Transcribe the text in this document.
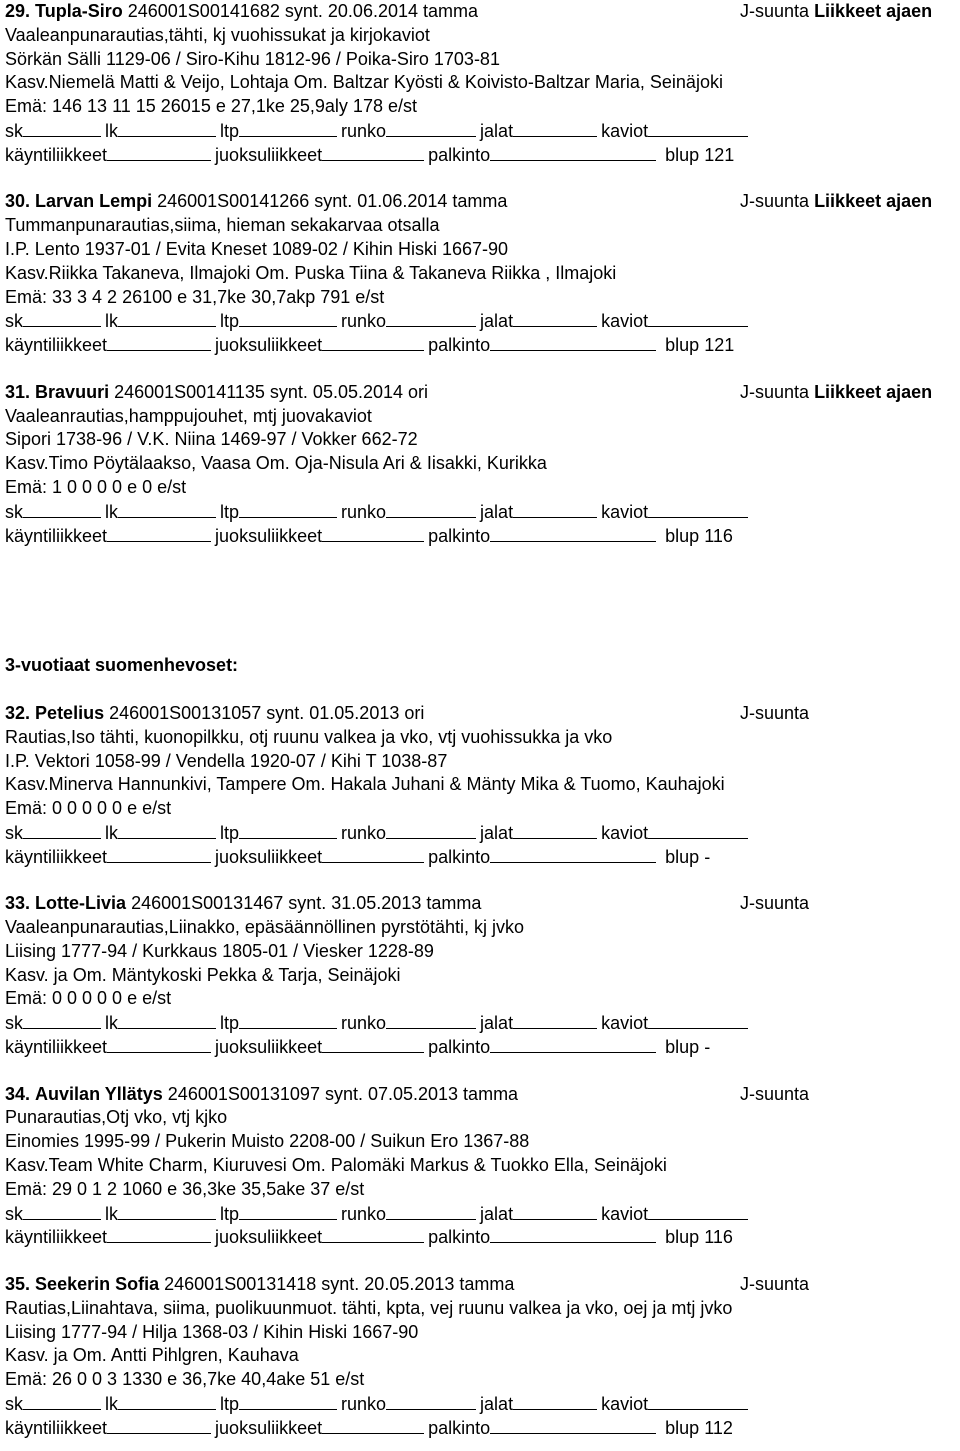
29. Tupla-Siro 246001S00141682 synt. 20.06.2014 tamma	J-suunta Liikkeet ajaen
Vaaleanpunarautias,tähti, kj vuohissukat ja kirjokaviot
Sörkän Sälli 1129-06 / Siro-Kihu 1812-96 / Poika-Siro 1703-81
Kasv.Niemelä Matti & Veijo, Lohtaja Om. Baltzar Kyösti & Koivisto-Baltzar Maria, Seinäjoki
Emä: 146 13 11 15 26015 e 27,1ke 25,9aly 178 e/st
sk	lk	ltp	runko	jalat	kaviot
käyntiliikkeet	juoksuliikkeet	palkinto	blup 121
30. Larvan Lempi 246001S00141266 synt. 01.06.2014 tamma	J-suunta Liikkeet ajaen
Tummanpunarautias,siima, hieman sekakarvaa otsalla
I.P. Lento 1937-01 / Evita Kneset 1089-02 / Kihin Hiski 1667-90
Kasv.Riikka Takaneva, Ilmajoki Om. Puska Tiina & Takaneva Riikka , Ilmajoki
Emä: 33 3 4 2 26100 e 31,7ke 30,7akp 791 e/st
sk	lk	ltp	runko	jalat	kaviot
käyntiliikkeet	juoksuliikkeet	palkinto	blup 121
31. Bravuuri 246001S00141135 synt. 05.05.2014 ori	J-suunta Liikkeet ajaen
Vaaleanrautias,hamppujouhet, mtj juovakaviot
Sipori 1738-96 / V.K. Niina 1469-97 / Vokker 662-72
Kasv.Timo Pöytälaakso, Vaasa Om. Oja-Nisula Ari & Iisakki, Kurikka
Emä: 1 0 0 0 0 e 0 e/st
sk	lk	ltp	runko	jalat	kaviot
käyntiliikkeet	juoksuliikkeet	palkinto	blup 116
3-vuotiaat suomenhevoset:
32. Petelius 246001S00131057 synt. 01.05.2013 ori	J-suunta
Rautias,Iso tähti, kuonopilkku, otj ruunu valkea ja vko, vtj vuohissukka ja vko
I.P. Vektori 1058-99 / Vendella 1920-07 / Kihi T 1038-87
Kasv.Minerva Hannunkivi, Tampere Om. Hakala Juhani & Mänty Mika & Tuomo, Kauhajoki
Emä: 0 0 0 0 0 e e/st
sk	lk	ltp	runko	jalat	kaviot
käyntiliikkeet	juoksuliikkeet	palkinto	blup -
33. Lotte-Livia 246001S00131467 synt. 31.05.2013 tamma	J-suunta
Vaaleanpunarautias,Liinakko, epäsäännöllinen pyrstötähti, kj jvko
Liising 1777-94 / Kurkkaus 1805-01 / Viesker 1228-89
Kasv. ja Om. Mäntykoski Pekka & Tarja, Seinäjoki
Emä: 0 0 0 0 0 e e/st
sk	lk	ltp	runko	jalat	kaviot
käyntiliikkeet	juoksuliikkeet	palkinto	blup -
34. Auvilan Yllätys 246001S00131097 synt. 07.05.2013 tamma	J-suunta
Punarautias,Otj vko, vtj kjko
Einomies 1995-99 / Pukerin Muisto 2208-00 / Suikun Ero 1367-88
Kasv.Team White Charm, Kiuruvesi Om. Palomäki Markus & Tuokko Ella, Seinäjoki
Emä: 29 0 1 2 1060 e 36,3ke 35,5ake 37 e/st
sk	lk	ltp	runko	jalat	kaviot
käyntiliikkeet	juoksuliikkeet	palkinto	blup 116
35. Seekerin Sofia 246001S00131418 synt. 20.05.2013 tamma	J-suunta
Rautias,Liinahtava, siima, puolikuunmuot. tähti, kpta, vej ruunu valkea ja vko, oej ja mtj jvko
Liising 1777-94 / Hilja 1368-03 / Kihin Hiski 1667-90
Kasv. ja Om. Antti Pihlgren, Kauhava
Emä: 26 0 0 3 1330 e 36,7ke 40,4ake 51 e/st
sk	lk	ltp	runko	jalat	kaviot
käyntiliikkeet	juoksuliikkeet	palkinto	blup 112
